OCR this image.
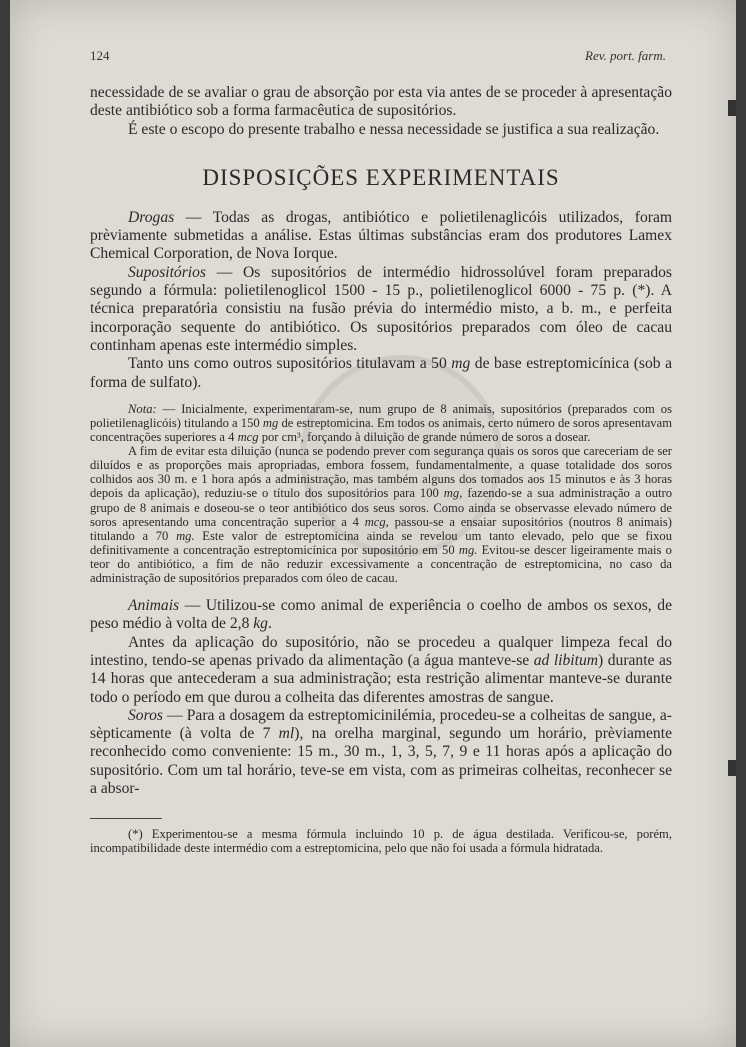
124	Rev. port. farm.

necessidade de se avaliar o grau de absorção por esta via antes de se proceder à apresentação deste antibiótico sob a forma farmacêutica de supositórios.

É este o escopo do presente trabalho e nessa necessidade se justifica a sua realização.

DISPOSIÇÕES EXPERIMENTAIS

Drogas — Todas as drogas, antibiótico e polietilenaglicóis utilizados, foram prèviamente submetidas a análise. Estas últimas substâncias eram dos produtores Lamex Chemical Corporation, de Nova Iorque.

Supositórios — Os supositórios de intermédio hidrossolúvel foram preparados segundo a fórmula: polietilenoglicol 1500 - 15 p., polietilenoglicol 6000 - 75 p. (*). A técnica preparatória consistiu na fusão prévia do intermédio misto, a b. m., e perfeita incorporação sequente do antibiótico. Os supositórios preparados com óleo de cacau continham apenas este intermédio simples.

Tanto uns como outros supositórios titulavam a 50 mg de base estreptomicínica (sob a forma de sulfato).

Nota: — Inicialmente, experimentaram-se, num grupo de 8 animais, supositórios (preparados com os polietilenaglicóis) titulando a 150 mg de estreptomicina. Em todos os animais, certo número de soros apresentavam concentrações superiores a 4 mcg por cm³, forçando à diluição de grande número de soros a dosear.

A fim de evitar esta diluição (nunca se podendo prever com segurança quais os soros que careceriam de ser diluídos e as proporções mais apropriadas, embora fossem, fundamentalmente, a quase totalidade dos soros colhidos aos 30 m. e 1 hora após a administração, mas também alguns dos tomados aos 15 minutos e às 3 horas depois da aplicação), reduziu-se o título dos supositórios para 100 mg, fazendo-se a sua administração a outro grupo de 8 animais e doseou-se o teor antibiótico dos seus soros. Como ainda se observasse elevado número de soros apresentando uma concentração superior a 4 mcg, passou-se a ensaiar supositórios (noutros 8 animais) titulando a 70 mg. Este valor de estreptomicina ainda se revelou um tanto elevado, pelo que se fixou definitivamente a concentração estreptomicínica por supositório em 50 mg. Evitou-se descer ligeiramente mais o teor do antibiótico, a fim de não reduzir excessivamente a concentração de estreptomicina, no caso da administração de supositórios preparados com óleo de cacau.

Animais — Utilizou-se como animal de experiência o coelho de ambos os sexos, de peso médio à volta de 2,8 kg.

Antes da aplicação do supositório, não se procedeu a qualquer limpeza fecal do intestino, tendo-se apenas privado da alimentação (a água manteve-se ad libitum) durante as 14 horas que antecederam a sua administração; esta restrição alimentar manteve-se durante todo o período em que durou a colheita das diferentes amostras de sangue.

Soros — Para a dosagem da estreptomicinilémia, procedeu-se a colheitas de sangue, a-sèpticamente (à volta de 7 ml), na orelha marginal, segundo um horário, prèviamente reconhecido como conveniente: 15 m., 30 m., 1, 3, 5, 7, 9 e 11 horas após a aplicação do supositório. Com um tal horário, teve-se em vista, com as primeiras colheitas, reconhecer se a absor-

(*) Experimentou-se a mesma fórmula incluindo 10 p. de água destilada. Verificou-se, porém, incompatibilidade deste intermédio com a estreptomicina, pelo que não foi usada a fórmula hidratada.
